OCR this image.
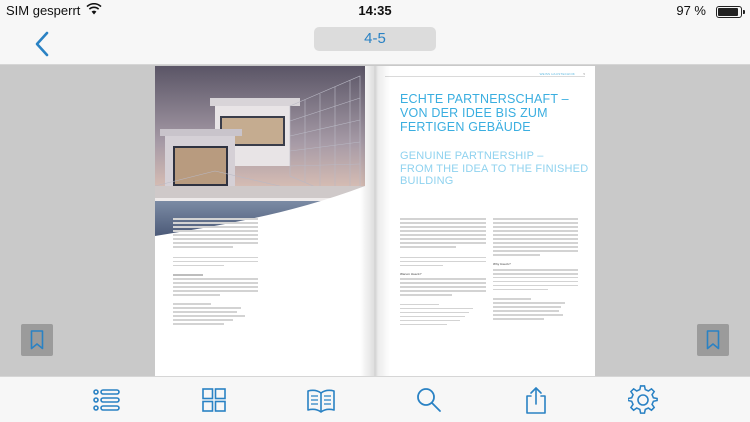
SIM gesperrt	14:35	97 %
4-5
WEISS HAUSTECHNIK	5
ECHTE PARTNERSCHAFT –
VON DER IDEE BIS ZUM
FERTIGEN GEBÄUDE
GENUINE PARTNERSHIP –
FROM THE IDEA TO THE FINISHED
BUILDING
Warum Haeck?
Why Haeck?
